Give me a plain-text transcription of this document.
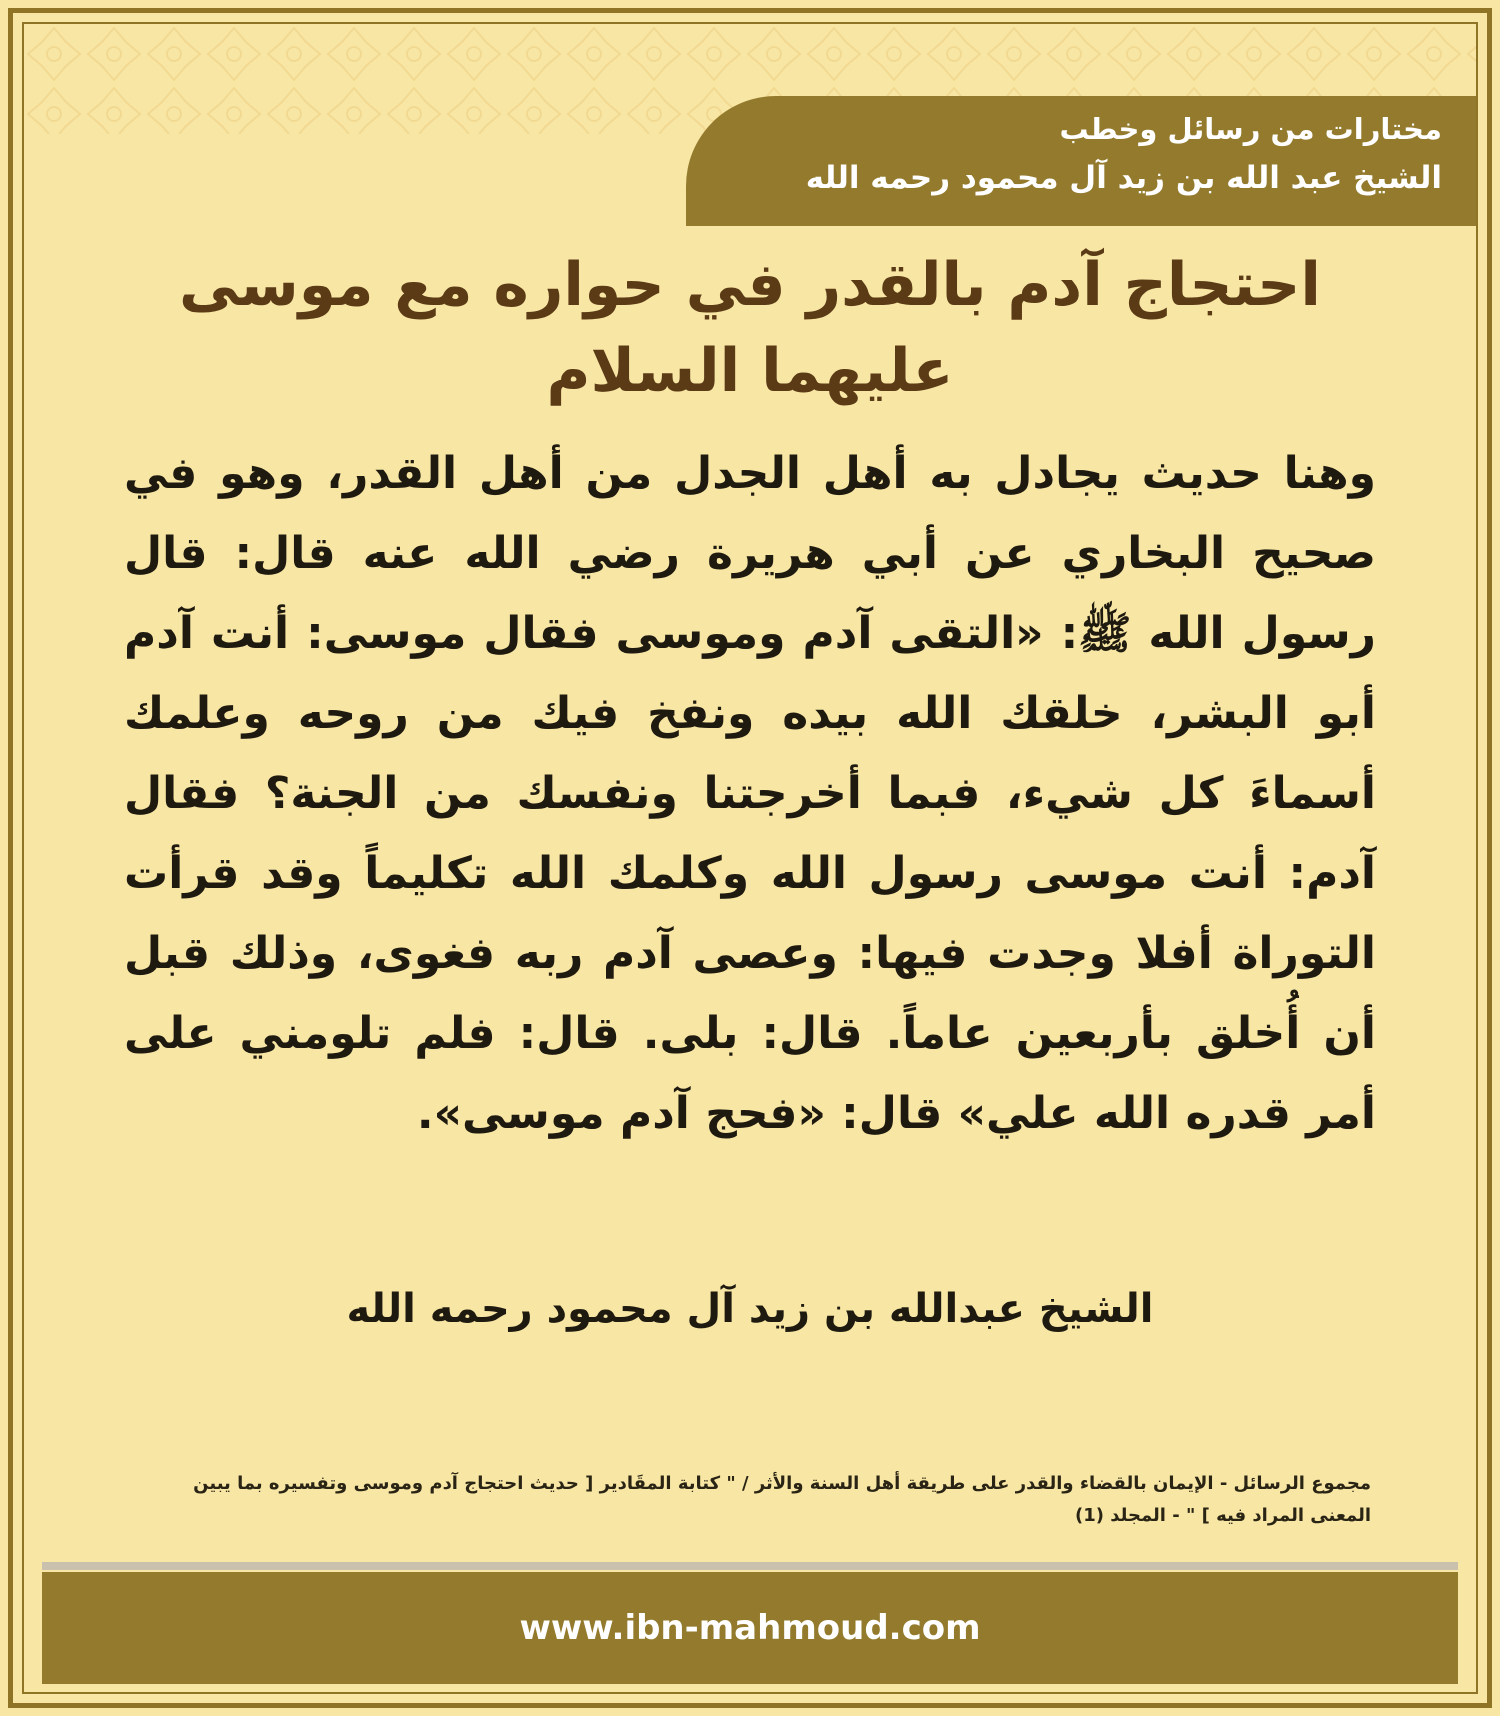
مختارات من رسائل وخطب
الشيخ عبد الله بن زيد آل محمود رحمه الله
احتجاج آدم بالقدر في حواره مع موسى عليهما السلام
وهنا حديث يجادل به أهل الجدل من أهل القدر، وهو في صحيح البخاري عن أبي هريرة رضي الله عنه قال: قال رسول الله ﷺ: «التقى آدم وموسى فقال موسى: أنت آدم أبو البشر، خلقك الله بيده ونفخ فيك من روحه وعلمك أسماءَ كل شيء، فبما أخرجتنا ونفسك من الجنة؟ فقال آدم: أنت موسى رسول الله وكلمك الله تكليماً وقد قرأت التوراة أفلا وجدت فيها: وعصى آدم ربه فغوى، وذلك قبل أن أُخلق بأربعين عاماً. قال: بلى. قال: فلم تلومني على أمر قدره الله علي» قال: «فحج آدم موسى».
الشيخ عبدالله بن زيد آل محمود رحمه الله
مجموع الرسائل - الإيمان بالقضاء والقدر على طريقة أهل السنة والأثر / " كتابة المقَادير [ حديث احتجاج آدم وموسى وتفسيره بما يبين المعنى المراد فيه ] " - المجلد (1)
www.ibn-mahmoud.com
